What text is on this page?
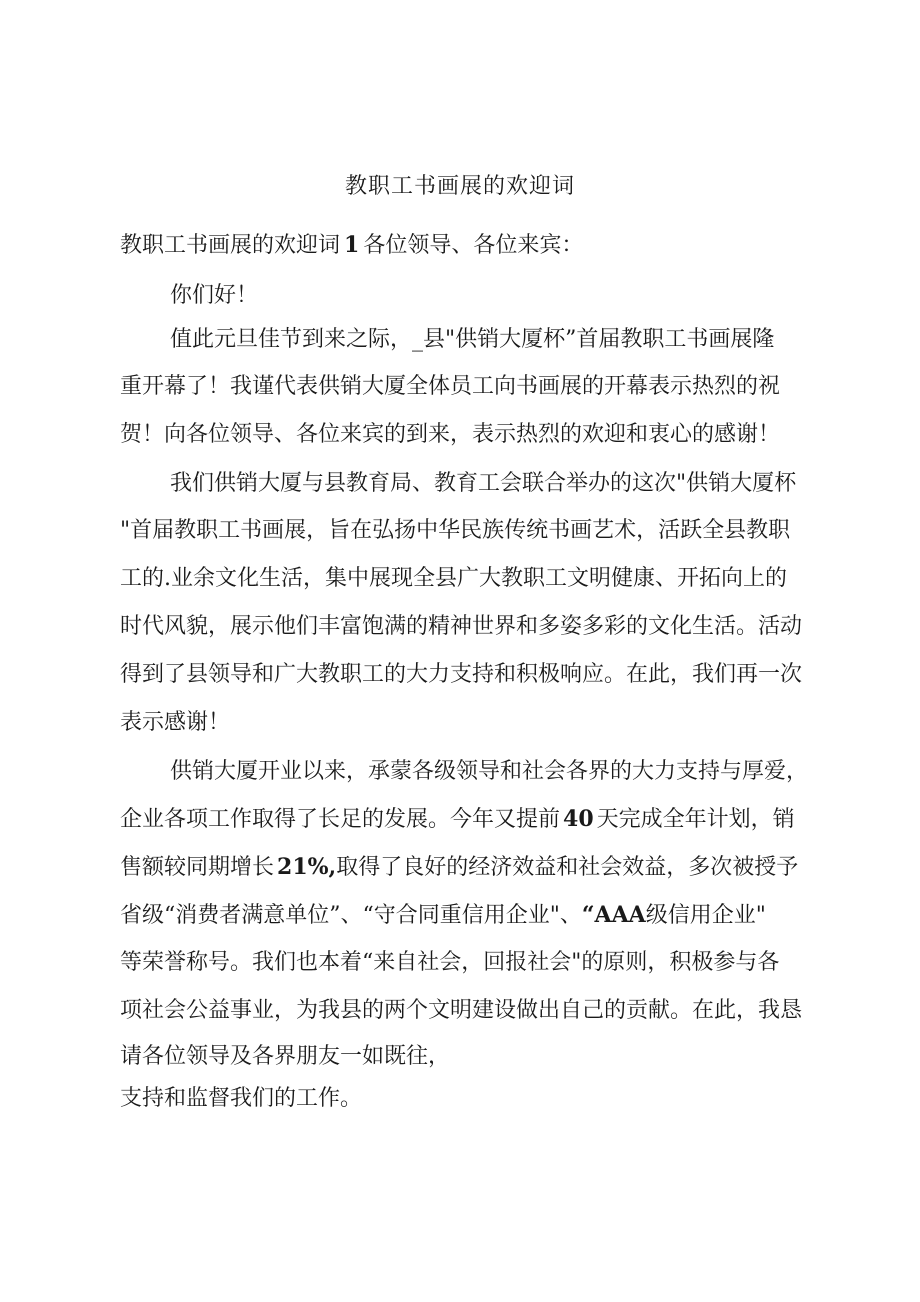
教职工书画展的欢迎词
教职工书画展的欢迎词 1 各位领导、各位来宾：
你们好！
值此元旦佳节到来之际，_县"供销大厦杯”首届教职工书画展隆
重开幕了！我谨代表供销大厦全体员工向书画展的开幕表示热烈的祝
贺！向各位领导、各位来宾的到来，表示热烈的欢迎和衷心的感谢！
我们供销大厦与县教育局、教育工会联合举办的这次"供销大厦杯
"首届教职工书画展，旨在弘扬中华民族传统书画艺术，活跃全县教职
工的.业余文化生活，集中展现全县广大教职工文明健康、开拓向上的
时代风貌，展示他们丰富饱满的精神世界和多姿多彩的文化生活。活动
得到了县领导和广大教职工的大力支持和积极响应。在此，我们再一次
表示感谢！
供销大厦开业以来，承蒙各级领导和社会各界的大力支持与厚爱，
企业各项工作取得了长足的发展。今年又提前 40 天完成全年计划，销
售额较同期增长 21%,取得了良好的经济效益和社会效益，多次被授予
省级“消费者满意单位”、“守合同重信用企业"、“AAA级信用企业"
等荣誉称号。我们也本着“来自社会，回报社会"的原则，积极参与各
项社会公益事业，为我县的两个文明建设做出自己的贡献。在此，我恳
请各位领导及各界朋友一如既往，
支持和监督我们的工作。
